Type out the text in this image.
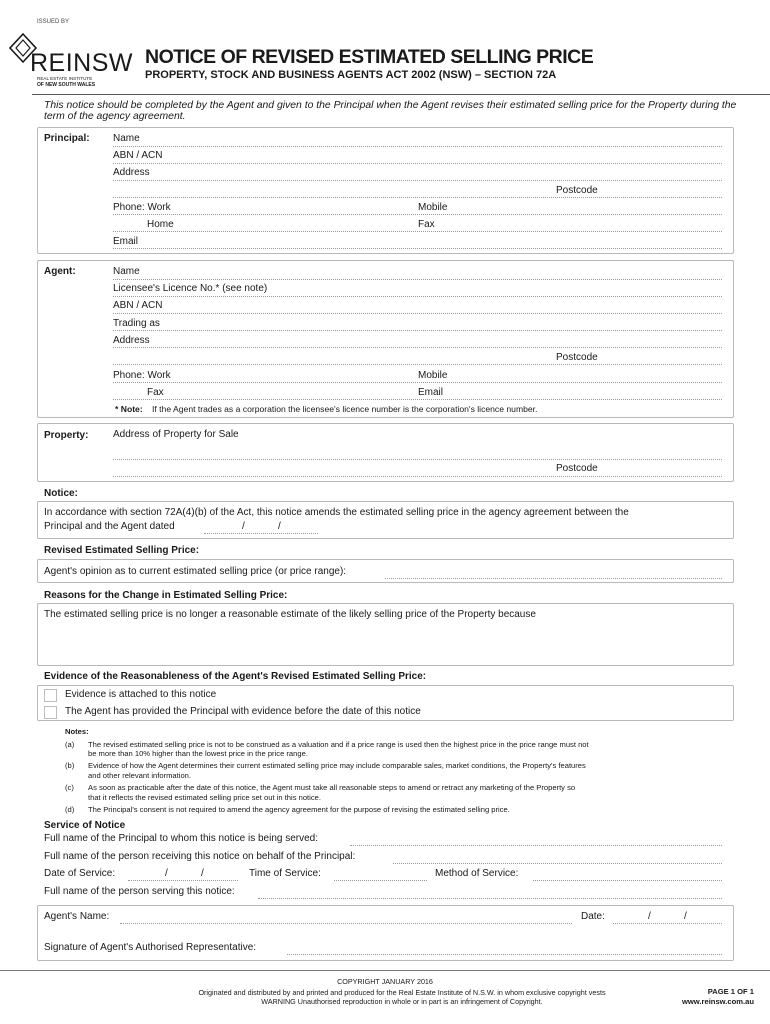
ISSUED BY
REINSW
REAL ESTATE INSTITUTE
OF NEW SOUTH WALES
NOTICE OF REVISED ESTIMATED SELLING PRICE
PROPERTY, STOCK AND BUSINESS AGENTS ACT 2002 (NSW) – SECTION 72A
This notice should be completed by the Agent and given to the Principal when the Agent revises their estimated selling price for the Property during the term of the agency agreement.
Principal: Name
ABN / ACN
Address
Postcode
Phone: Work	Mobile
Home	Fax
Email
Agent:	Name
Licensee's Licence No.* (see note)
ABN / ACN
Trading as
Address
Postcode
Phone: Work	Mobile
Fax	Email
* Note: If the Agent trades as a corporation the licensee's licence number is the corporation's licence number.
Property: Address of Property for Sale
Postcode
Notice:
In accordance with section 72A(4)(b) of the Act, this notice amends the estimated selling price in the agency agreement between the
Principal and the Agent dated	/	/
Revised Estimated Selling Price:
Agent's opinion as to current estimated selling price (or price range):
Reasons for the Change in Estimated Selling Price:
The estimated selling price is no longer a reasonable estimate of the likely selling price of the Property because
Evidence of the Reasonableness of the Agent's Revised Estimated Selling Price:
Evidence is attached to this notice
The Agent has provided the Principal with evidence before the date of this notice
Notes:
(a) The revised estimated selling price is not to be construed as a valuation and if a price range is used then the highest price in the price range must not
be more than 10% higher than the lowest price in the price range.
(b) Evidence of how the Agent determines their current estimated selling price may include comparable sales, market conditions, the Property's features
and other relevant information.
(c) As soon as practicable after the date of this notice, the Agent must take all reasonable steps to amend or retract any marketing of the Property so
that it reflects the revised estimated selling price set out in this notice.
(d) The Principal's consent is not required to amend the agency agreement for the purpose of revising the estimated selling price.
Service of Notice
Full name of the Principal to whom this notice is being served:
Full name of the person receiving this notice on behalf of the Principal:
Date of Service:	/	/	Time of Service:	Method of Service:
Full name of the person serving this notice:
Agent's Name:	Date:	/	/
Signature of Agent's Authorised Representative:
COPYRIGHT JANUARY 2016
Originated and distributed by and printed and produced for the Real Estate Institute of N.S.W. in whom exclusive copyright vests
WARNING Unauthorised reproduction in whole or in part is an infringement of Copyright.
PAGE 1 OF 1
www.reinsw.com.au
